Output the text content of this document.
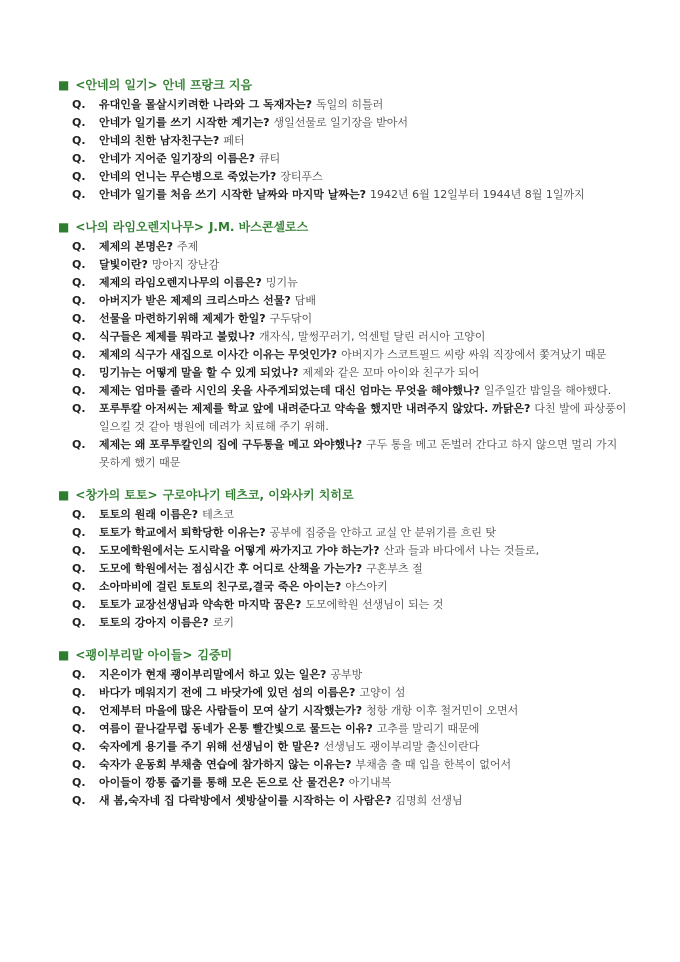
■ <안네의 일기> 안네 프랑크 지음
Q. 유대인을 몰살시키려한 나라와 그 독재자는? 독일의 히틀러
Q. 안네가 일기를 쓰기 시작한 계기는? 생일선물로 일기장을 받아서
Q. 안네의 친한 남자친구는? 페터
Q. 안네가 지어준 일기장의 이름은? 큐티
Q. 안네의 언니는 무슨병으로 죽었는가? 장티푸스
Q. 안네가 일기를 처음 쓰기 시작한 날짜와 마지막 날짜는? 1942년 6월 12일부터 1944년 8월 1일까지
■ <나의 라임오렌지나무> J.M. 바스콘셀로스
Q. 제제의 본명은? 주제
Q. 달빛이란? 망아지 장난감
Q. 제제의 라임오렌지나무의 이름은? 밍기뉴
Q. 아버지가 받은 제제의 크리스마스 선물? 담배
Q. 선물을 마련하기위해 제제가 한일? 구두닦이
Q. 식구들은 제제를 뭐라고 불렀나? 개자식, 말썽꾸러기, 억센털 달린 러시아 고양이
Q. 제제의 식구가 새집으로 이사간 이유는 무엇인가? 아버지가 스코트필드 씨랑 싸워 직장에서 쫓겨났기 때문
Q. 밍기뉴는 어떻게 말을 할 수 있게 되었나? 제제와 같은 꼬마 아이와 친구가 되어
Q. 제제는 엄마를 졸라 시인의 옷을 사주게되었는데 대신 엄마는 무엇을 해야했나? 일주일간 밤일을 해야했다.
Q. 포루투칼 아저씨는 제제를 학교 앞에 내려준다고 약속을 했지만 내려주지 않았다. 까닭은? 다친 발에 파상풍이 일으킬 것 같아 병원에 데려가 치료해 주기 위해.
Q. 제제는 왜 포루투칼인의 집에 구두통을 메고 와야했나? 구두 통을 메고 돈벌러 간다고 하지 않으면 멀리 가지 못하게 했기 때문
■ <창가의 토토> 구로야나기 테츠코, 이와사키 치히로
Q. 토토의 원래 이름은? 테츠코
Q. 토토가 학교에서 퇴학당한 이유는? 공부에 집중을 안하고 교실 안 분위기를 흐린 탓
Q. 도모에학원에서는 도시락을 어떻게 싸가지고 가야 하는가? 산과 들과 바다에서 나는 것들로,
Q. 도모에 학원에서는 점심시간 후 어디로 산책을 가는가? 구혼부츠 절
Q. 소아마비에 걸린 토토의 친구로,결국 죽은 아이는? 야스아키
Q. 토토가 교장선생님과 약속한 마지막 꿈은? 도모에학원 선생님이 되는 것
Q. 토토의 강아지 이름은? 로키
■ <괭이부리말 아이들> 김중미
Q. 지은이가 현재 괭이부리말에서 하고 있는 일은? 공부방
Q. 바다가 메워지기 전에 그 바닷가에 있던 섬의 이름은? 고양이 섬
Q. 언제부터 마을에 많은 사람들이 모여 살기 시작했는가? 청항 개항 이후 철거민이 오면서
Q. 여름이 끝나갈무렵 동네가 온통 빨간빛으로 물드는 이유? 고추를 말리기 때문에
Q. 숙자에게 용기를 주기 위해 선생님이 한 말은? 선생님도 괭이부리말 출신이란다
Q. 숙자가 운동회 부채춤 연습에 참가하지 않는 이유는? 부채춤 출 때 입을 한복이 없어서
Q. 아이들이 깡통 줍기를 통해 모은 돈으로 산 물건은? 아기내복
Q. 새 봄,숙자네 집 다락방에서 셋방살이를 시작하는 이 사람은? 김명희 선생님
